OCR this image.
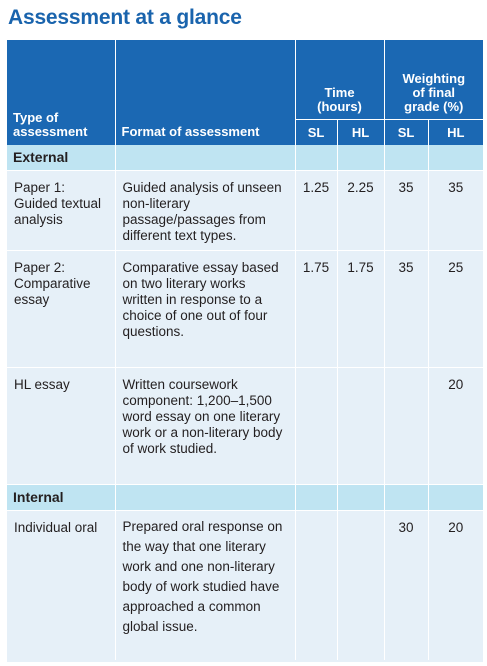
Assessment at a glance
Type of assessment	Format of assessment	Time (hours)		Weighting of final grade (%)	

		SL	HL	SL	HL
External					
Paper 1: Guided textual analysis	Guided analysis of unseen non-literary passage/passages from different text types.	1.25	2.25	35	35
Paper 2: Comparative essay	Comparative essay based on two literary works written in response to a choice of one out of four questions.	1.75	1.75	35	25
HL essay	Written coursework component: 1,200–1,500 word essay on one literary work or a non-literary body of work studied.				20
Internal					
Individual oral	Prepared oral response on the way that one literary work and one non-literary body of work studied have approached a common global issue.			30	20
